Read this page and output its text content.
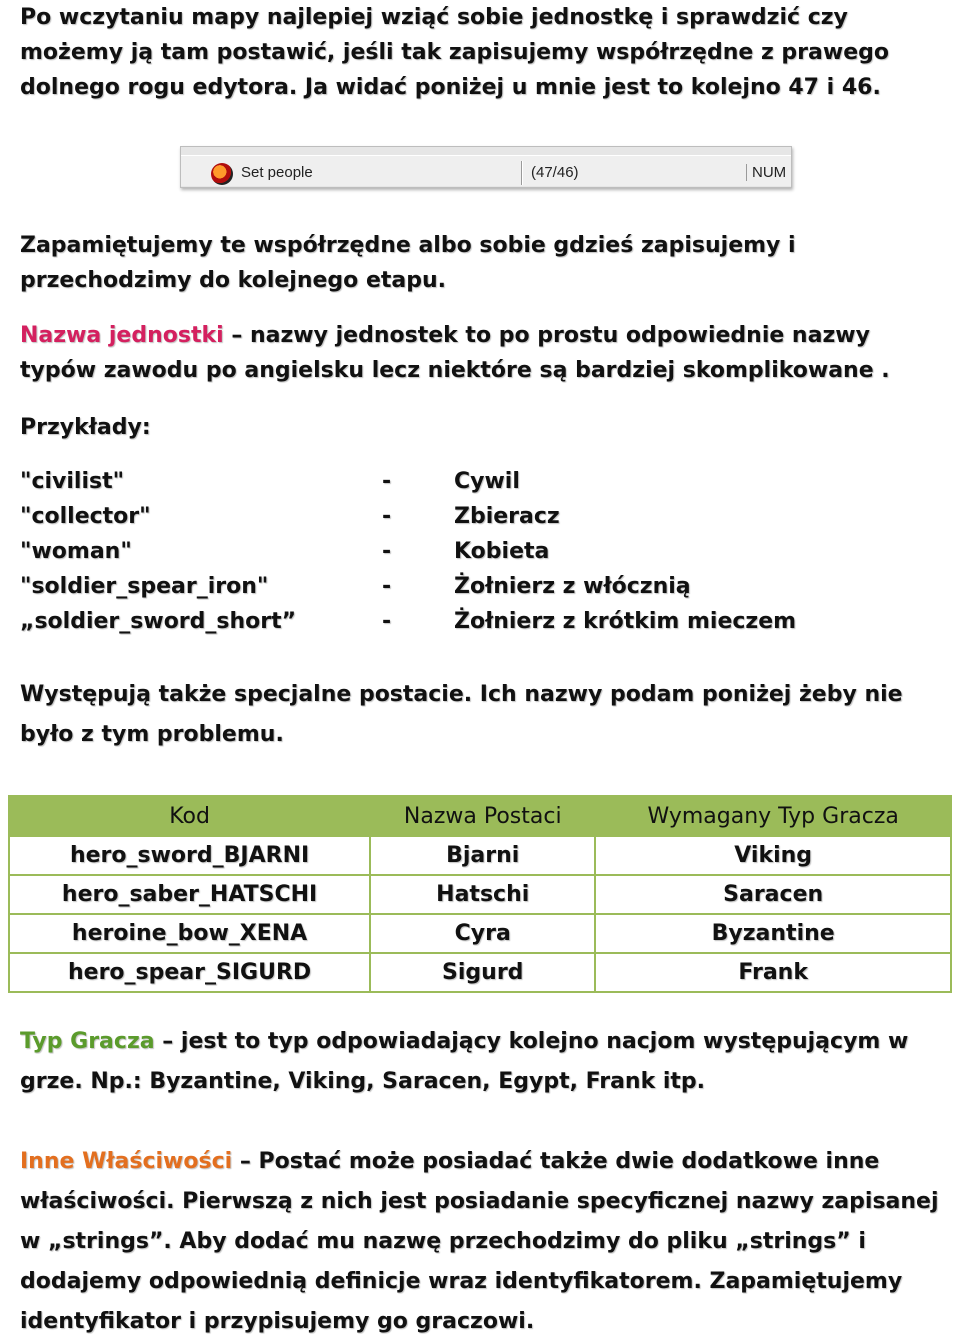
Po wczytaniu mapy najlepiej wziąć sobie jednostkę i sprawdzić czy możemy ją tam postawić, jeśli tak zapisujemy współrzędne z prawego dolnego rogu edytora. Ja widać poniżej u mnie jest to kolejno 47 i 46.
Set people	(47/46)	NUM
Zapamiętujemy te współrzędne albo sobie gdzieś zapisujemy i przechodzimy do kolejnego etapu.
Nazwa jednostki – nazwy jednostek to po prostu odpowiednie nazwy typów zawodu po angielsku lecz niektóre są bardziej skomplikowane .
Przykłady:
"civilist"	-	Cywil
"collector"	-	Zbieracz
"woman"	-	Kobieta
"soldier_spear_iron"	-	Żołnierz z włócznią
„soldier_sword_short”	-	Żołnierz z krótkim mieczem
Występują także specjalne postacie. Ich nazwy podam poniżej żeby nie było z tym problemu.
Kod	Nazwa Postaci	Wymagany Typ Gracza
hero_sword_BJARNI	Bjarni	Viking
hero_saber_HATSCHI	Hatschi	Saracen
heroine_bow_XENA	Cyra	Byzantine
hero_spear_SIGURD	Sigurd	Frank
Typ Gracza – jest to typ odpowiadający kolejno nacjom występującym w grze. Np.: Byzantine, Viking, Saracen, Egypt, Frank itp.
Inne Właściwości – Postać może posiadać także dwie dodatkowe inne właściwości. Pierwszą z nich jest posiadanie specyficznej nazwy zapisanej w „strings”. Aby dodać mu nazwę przechodzimy do pliku „strings” i dodajemy odpowiednią definicje wraz identyfikatorem. Zapamiętujemy identyfikator i przypisujemy go graczowi.
